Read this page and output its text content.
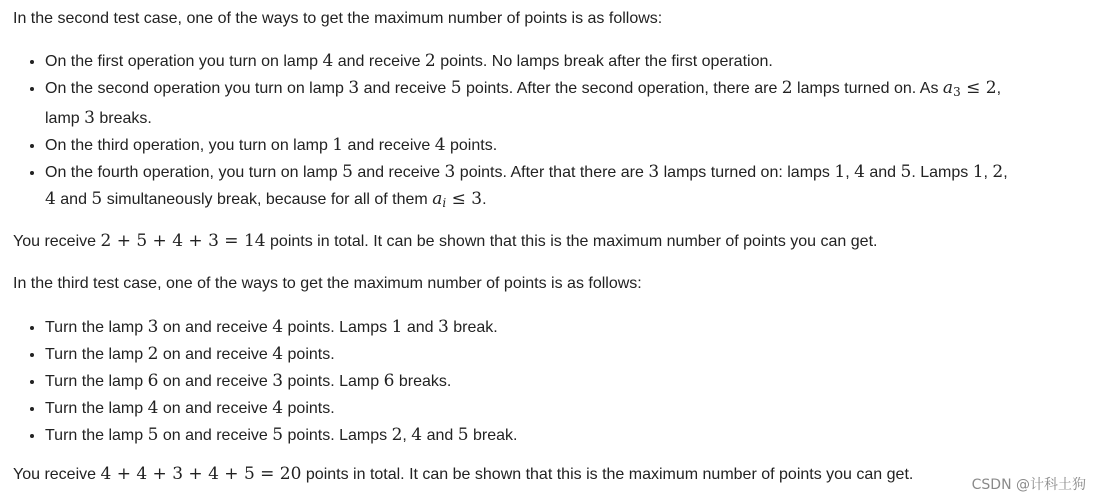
In the second test case, one of the ways to get the maximum number of points is as follows:

• On the first operation you turn on lamp 4 and receive 2 points. No lamps break after the first operation.
• On the second operation you turn on lamp 3 and receive 5 points. After the second operation, there are 2 lamps turned on. As $a_3 \le 2$,
lamp 3 breaks.
• On the third operation, you turn on lamp 1 and receive 4 points.
• On the fourth operation, you turn on lamp 5 and receive 3 points. After that there are 3 lamps turned on: lamps 1, 4 and 5. Lamps 1, 2,
4 and 5 simultaneously break, because for all of them $a_i \le 3$.

You receive 2 + 5 + 4 + 3 = 14 points in total. It can be shown that this is the maximum number of points you can get.

In the third test case, one of the ways to get the maximum number of points is as follows:

• Turn the lamp 3 on and receive 4 points. Lamps 1 and 3 break.
• Turn the lamp 2 on and receive 4 points.
• Turn the lamp 6 on and receive 3 points. Lamp 6 breaks.
• Turn the lamp 4 on and receive 4 points.
• Turn the lamp 5 on and receive 5 points. Lamps 2, 4 and 5 break.

You receive 4 + 4 + 3 + 4 + 5 = 20 points in total. It can be shown that this is the maximum number of points you can get.

CSDN @计科土狗
